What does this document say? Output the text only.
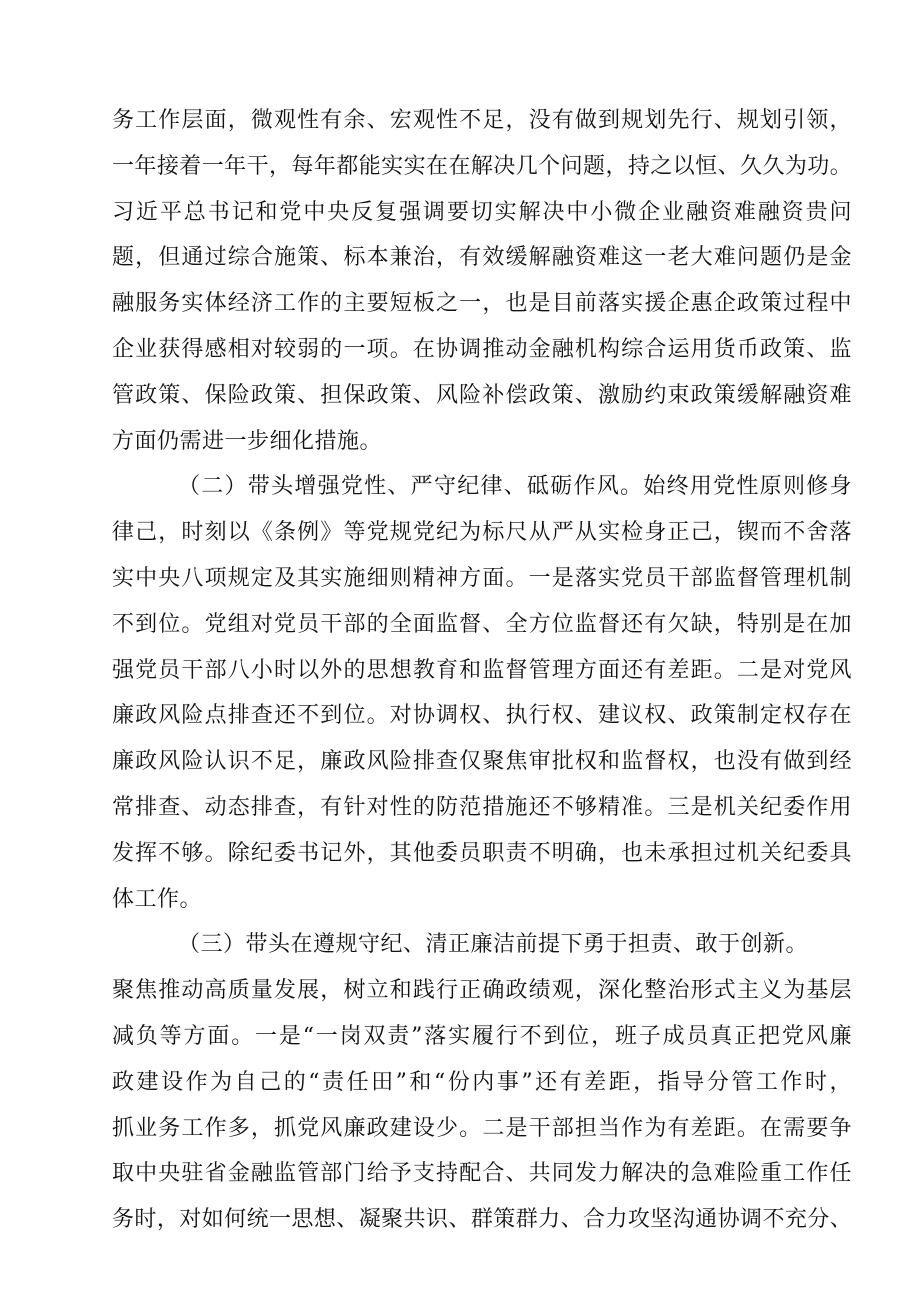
务工作层面，微观性有余、宏观性不足，没有做到规划先行、规划引领，
一年接着一年干，每年都能实实在在解决几个问题，持之以恒、久久为功。
习近平总书记和党中央反复强调要切实解决中小微企业融资难融资贵问
题，但通过综合施策、标本兼治，有效缓解融资难这一老大难问题仍是金
融服务实体经济工作的主要短板之一，也是目前落实援企惠企政策过程中
企业获得感相对较弱的一项。在协调推动金融机构综合运用货币政策、监
管政策、保险政策、担保政策、风险补偿政策、激励约束政策缓解融资难
方面仍需进一步细化措施。
（二）带头增强党性、严守纪律、砥砺作风。始终用党性原则修身
律己，时刻以《条例》等党规党纪为标尺从严从实检身正己，锲而不舍落
实中央八项规定及其实施细则精神方面。一是落实党员干部监督管理机制
不到位。党组对党员干部的全面监督、全方位监督还有欠缺，特别是在加
强党员干部八小时以外的思想教育和监督管理方面还有差距。二是对党风
廉政风险点排查还不到位。对协调权、执行权、建议权、政策制定权存在
廉政风险认识不足，廉政风险排查仅聚焦审批权和监督权，也没有做到经
常排查、动态排查，有针对性的防范措施还不够精准。三是机关纪委作用
发挥不够。除纪委书记外，其他委员职责不明确，也未承担过机关纪委具
体工作。
（三）带头在遵规守纪、清正廉洁前提下勇于担责、敢于创新。
聚焦推动高质量发展，树立和践行正确政绩观，深化整治形式主义为基层
减负等方面。一是“一岗双责”落实履行不到位，班子成员真正把党风廉
政建设作为自己的“责任田”和“份内事”还有差距，指导分管工作时，
抓业务工作多，抓党风廉政建设少。二是干部担当作为有差距。在需要争
取中央驻省金融监管部门给予支持配合、共同发力解决的急难险重工作任
务时，对如何统一思想、凝聚共识、群策群力、合力攻坚沟通协调不充分、
